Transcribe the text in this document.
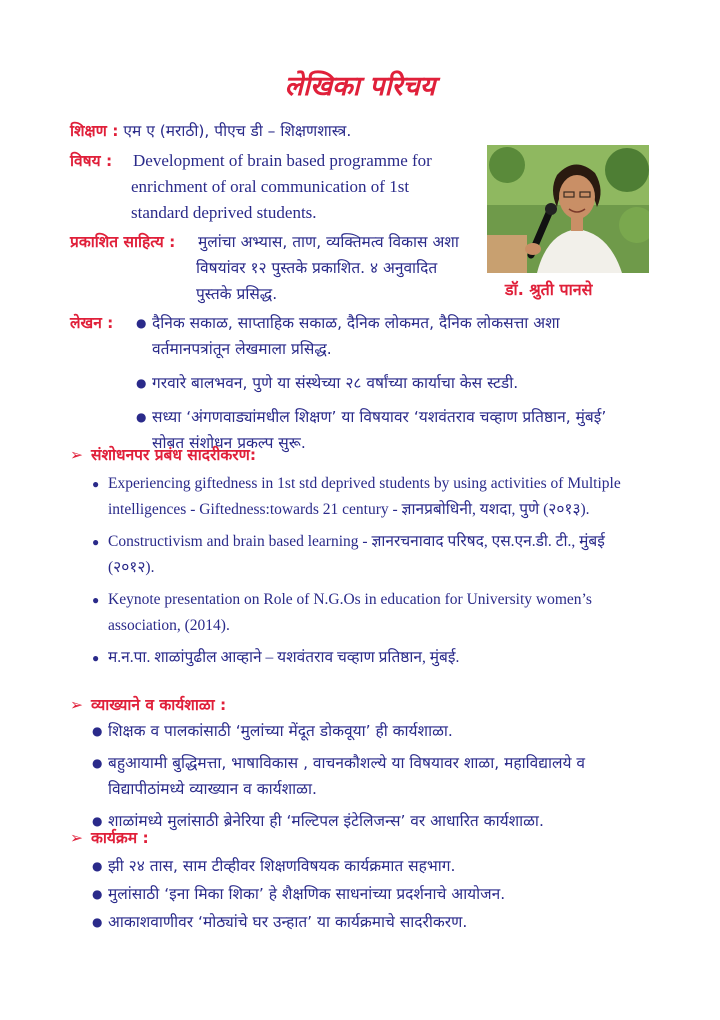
लेखिका परिचय
शिक्षण : एम ए (मराठी), पीएच डी – शिक्षणशास्त्र.
विषय : Development of brain based programme for
enrichment of oral communication of 1st
standard deprived students.
प्रकाशित साहित्य : मुलांचा अभ्यास, ताण, व्यक्तिमत्व विकास अशा
विषयांवर १२ पुस्तके प्रकाशित. ४ अनुवादित
पुस्तके प्रसिद्ध.	डॉ. श्रुती पानसे
लेखन :
●	दैनिक सकाळ, साप्ताहिक सकाळ, दैनिक लोकमत, दैनिक लोकसत्ता अशा वर्तमानपत्रांतून लेखमाला प्रसिद्ध.
● गरवारे बालभवन, पुणे या संस्थेच्या २८ वर्षांच्या कार्याचा केस स्टडी.
● सध्या ‘अंगणवाड्यांमधील शिक्षण’ या विषयावर ‘यशवंतराव चव्हाण प्रतिष्ठान, मुंबई’ सोबत संशोधन प्रकल्प सुरू.
➢ संशोधनपर प्रबंध सादरीकरण:
● Experiencing giftedness in 1st std deprived students by using activities of Multiple intelligences - Giftedness:towards 21 century - ज्ञानप्रबोधिनी, यशदा, पुणे (२०१३).
● Constructivism and brain based learning - ज्ञानरचनावाद परिषद, एस.एन.डी. टी., मुंबई (२०१२).
● Keynote presentation on Role of N.G.Os in education for University women’s association, (2014).
● म.न.पा. शाळांपुढील आव्हाने – यशवंतराव चव्हाण प्रतिष्ठान, मुंबई.
➢ व्याख्याने व कार्यशाळा :
● शिक्षक व पालकांसाठी ‘मुलांच्या मेंदूत डोकवूया’ ही कार्यशाळा.
● बहुआयामी बुद्धिमत्ता, भाषाविकास , वाचनकौशल्ये या विषयावर शाळा, महाविद्यालये व विद्यापीठांमध्ये व्याख्यान व कार्यशाळा.
● शाळांमध्ये मुलांसाठी ब्रेनेरिया ही ‘मल्टिपल इंटेलिजन्स’ वर आधारित कार्यशाळा.
➢ कार्यक्रम :
● झी २४ तास, साम टीव्हीवर शिक्षणविषयक कार्यक्रमात सहभाग.
● मुलांसाठी ‘इना मिका शिका’ हे शैक्षणिक साधनांच्या प्रदर्शनाचे आयोजन.
● आकाशवाणीवर ‘मोठ्यांचे घर उन्हात’ या कार्यक्रमाचे सादरीकरण.
